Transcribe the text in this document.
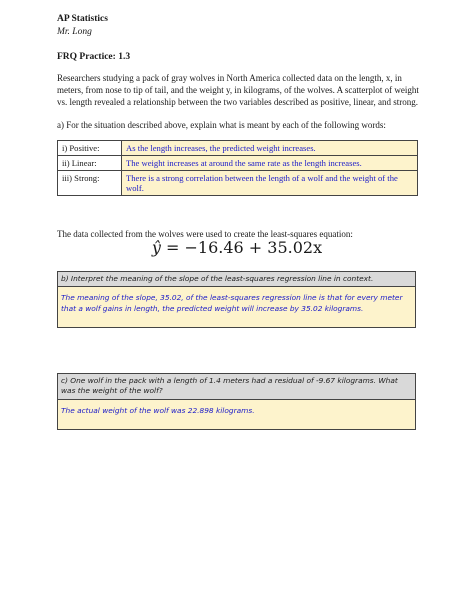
AP Statistics
Mr. Long
FRQ Practice: 1.3
Researchers studying a pack of gray wolves in North America collected data on the length, x, in meters, from nose to tip of tail, and the weight y, in kilograms, of the wolves. A scatterplot of weight vs. length revealed a relationship between the two variables described as positive, linear, and strong.
a) For the situation described above, explain what is meant by each of the following words:
i) Positive:	As the length increases, the predicted weight increases.
ii) Linear:	The weight increases at around the same rate as the length increases.
iii) Strong:	There is a strong correlation between the length of a wolf and the weight of the wolf.
The data collected from the wolves were used to create the least-squares equation:
ŷ = −16.46 + 35.02x
b) Interpret the meaning of the slope of the least-squares regression line in context.
The meaning of the slope, 35.02, of the least-squares regression line is that for every meter that a wolf gains in length, the predicted weight will increase by 35.02 kilograms.
c) One wolf in the pack with a length of 1.4 meters had a residual of -9.67 kilograms. What was the weight of the wolf?
The actual weight of the wolf was 22.898 kilograms.
